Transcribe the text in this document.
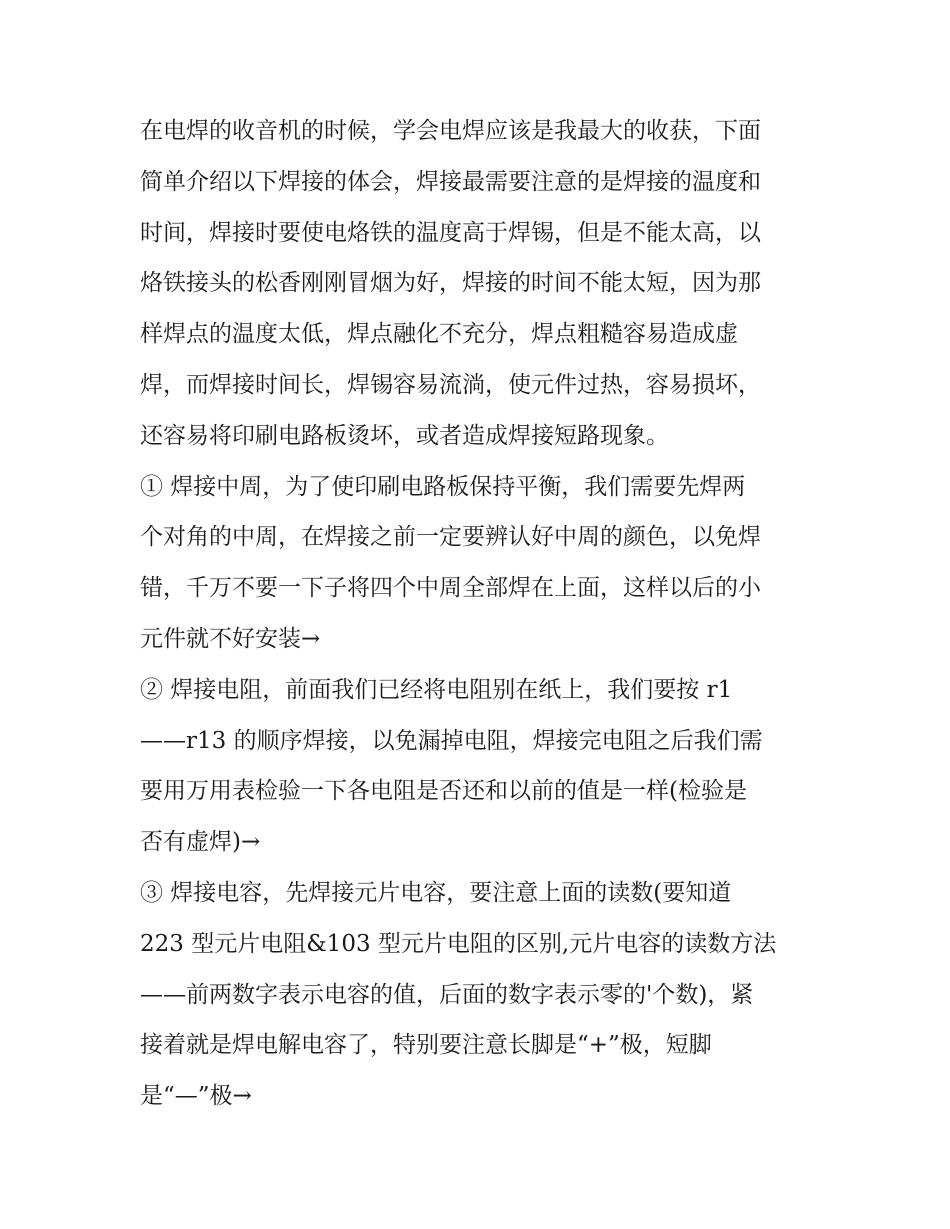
在电焊的收音机的时候，学会电焊应该是我最大的收获，下面
简单介绍以下焊接的体会，焊接最需要注意的是焊接的温度和
时间，焊接时要使电烙铁的温度高于焊锡，但是不能太高，以
烙铁接头的松香刚刚冒烟为好，焊接的时间不能太短，因为那
样焊点的温度太低，焊点融化不充分，焊点粗糙容易造成虚
焊，而焊接时间长，焊锡容易流淌，使元件过热，容易损坏，
还容易将印刷电路板烫坏，或者造成焊接短路现象。
① 焊接中周，为了使印刷电路板保持平衡，我们需要先焊两
个对角的中周，在焊接之前一定要辨认好中周的颜色，以免焊
错，千万不要一下子将四个中周全部焊在上面，这样以后的小
元件就不好安装→
② 焊接电阻，前面我们已经将电阻别在纸上，我们要按 r1
——r13 的顺序焊接，以免漏掉电阻，焊接完电阻之后我们需
要用万用表检验一下各电阻是否还和以前的值是一样(检验是
否有虚焊)→
③ 焊接电容，先焊接元片电容，要注意上面的读数(要知道
223 型元片电阻&103 型元片电阻的区别,元片电容的读数方法
——前两数字表示电容的值，后面的数字表示零的'个数)，紧
接着就是焊电解电容了，特别要注意长脚是“+”极，短脚
是“—”极→
